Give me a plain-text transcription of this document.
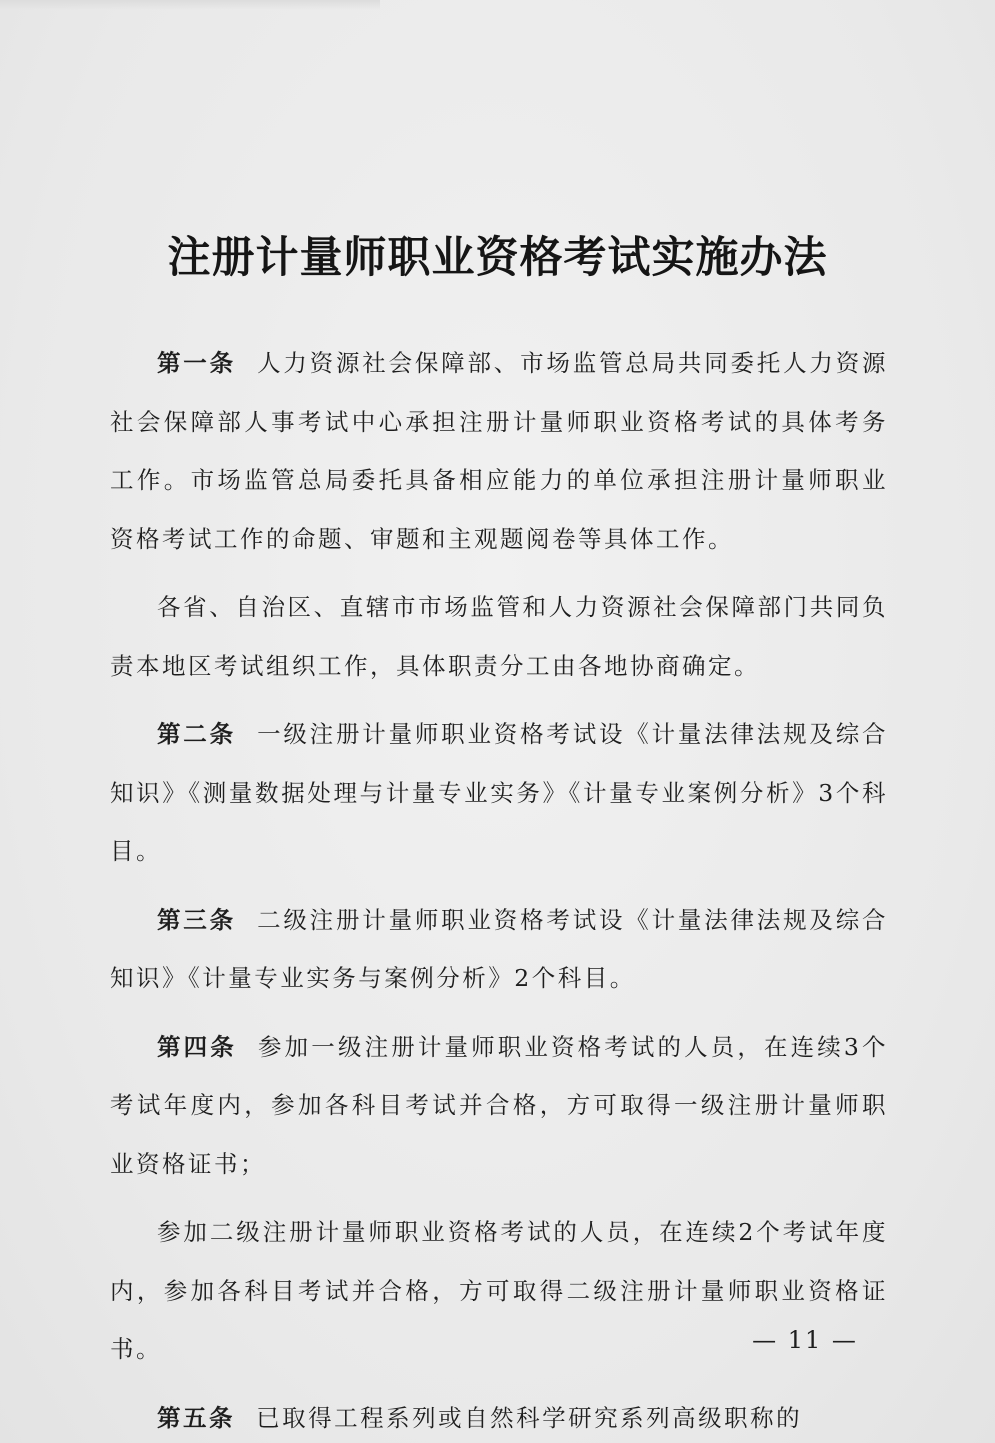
注册计量师职业资格考试实施办法

第一条 人力资源社会保障部、市场监管总局共同委托人力资源社会保障部人事考试中心承担注册计量师职业资格考试的具体考务工作。市场监管总局委托具备相应能力的单位承担注册计量师职业资格考试工作的命题、审题和主观题阅卷等具体工作。

各省、自治区、直辖市市场监管和人力资源社会保障部门共同负责本地区考试组织工作，具体职责分工由各地协商确定。

第二条 一级注册计量师职业资格考试设《计量法律法规及综合知识》《测量数据处理与计量专业实务》《计量专业案例分析》3个科目。

第三条 二级注册计量师职业资格考试设《计量法律法规及综合知识》《计量专业实务与案例分析》2个科目。

第四条 参加一级注册计量师职业资格考试的人员，在连续3个考试年度内，参加各科目考试并合格，方可取得一级注册计量师职业资格证书；

参加二级注册计量师职业资格考试的人员，在连续2个考试年度内，参加各科目考试并合格，方可取得二级注册计量师职业资格证书。

第五条 已取得工程系列或自然科学研究系列高级职称的

— 11 —
